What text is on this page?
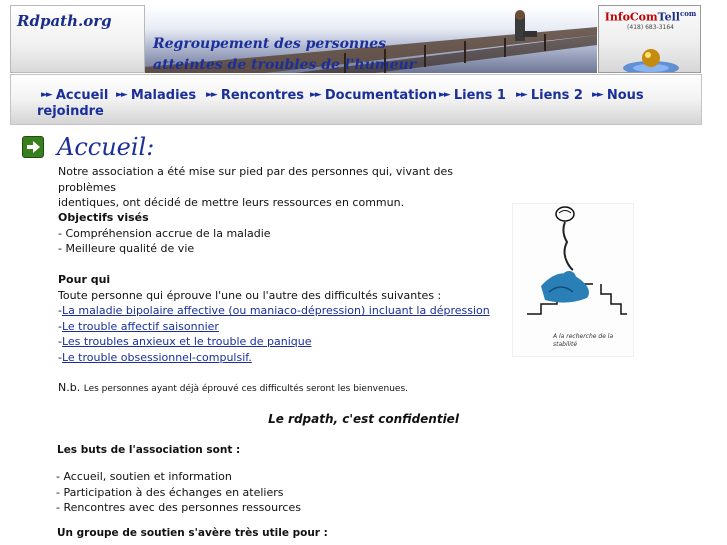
Rdpath.org
Regroupement des personnes
atteintes de troubles de l'humeur
InfoComTell$^{com}$
(418) 683-3164
►► Accueil ►► Maladies ►► Rencontres ►► Documentation ►► Liens 1 ►► Liens 2 ►► Nous
rejoindre
Accueil:
Notre association a été mise sur pied par des personnes qui, vivant des problèmes
identiques, ont décidé de mettre leurs ressources en commun.
Objectifs visés
- Compréhension accrue de la maladie
- Meilleure qualité de vie
Pour qui
Toute personne qui éprouve l'une ou l'autre des difficultés suivantes :
-La maladie bipolaire affective (ou maniaco-dépression) incluant la dépression
-Le trouble affectif saisonnier
-Les troubles anxieux et le trouble de panique
-Le trouble obsessionnel-compulsif.
N.b. Les personnes ayant déjà éprouvé ces difficultés seront les bienvenues.
Le rdpath, c'est confidentiel
Les buts de l'association sont :
- Accueil, soutien et information
- Participation à des échanges en ateliers
- Rencontres avec des personnes ressources
Un groupe de soutien s'avère très utile pour :
A la recherche de la stabilité
